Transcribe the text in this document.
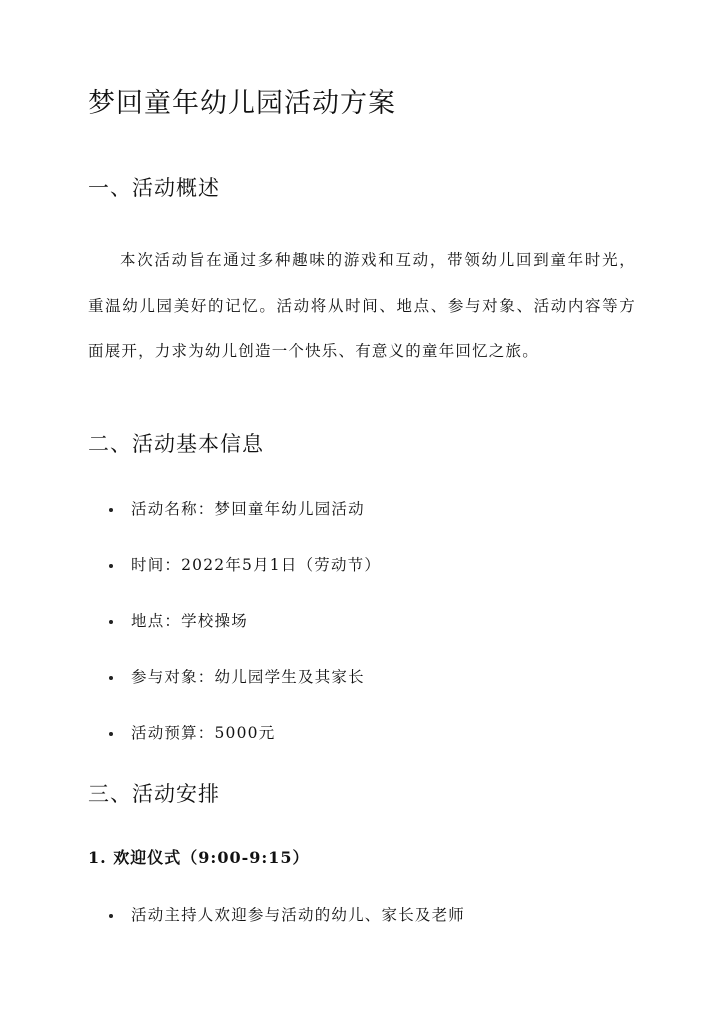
梦回童年幼儿园活动方案
一、活动概述

本次活动旨在通过多种趣味的游戏和互动，带领幼儿回到童年时光，重温幼儿园美好的记忆。活动将从时间、地点、参与对象、活动内容等方面展开，力求为幼儿创造一个快乐、有意义的童年回忆之旅。

二、活动基本信息
活动名称：梦回童年幼儿园活动
时间：2022年5月1日（劳动节）
地点：学校操场
参与对象：幼儿园学生及其家长
活动预算：5000元
三、活动安排
1. 欢迎仪式（9:00-9:15）
活动主持人欢迎参与活动的幼儿、家长及老师
